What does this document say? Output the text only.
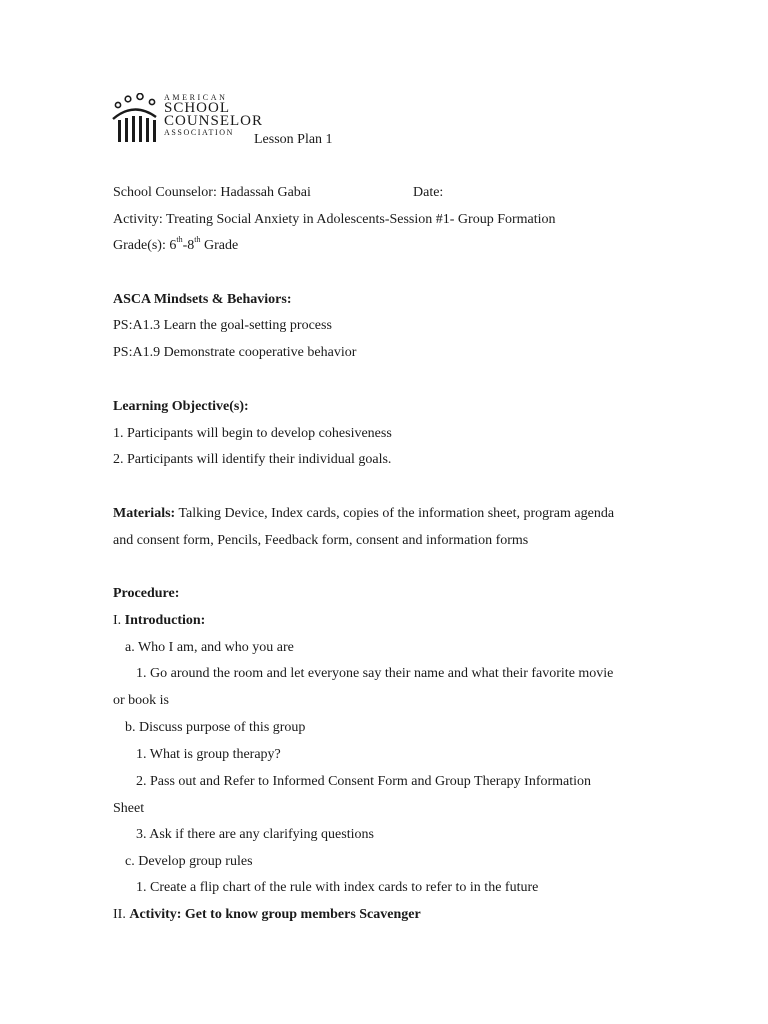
AMERICAN
SCHOOL
COUNSELOR
ASSOCIATION	Lesson Plan 1
School Counselor: Hadassah Gabai	Date:
Activity: Treating Social Anxiety in Adolescents-Session #1- Group Formation
Grade(s): 6th-8th Grade
ASCA Mindsets & Behaviors:
PS:A1.3 Learn the goal-setting process
PS:A1.9 Demonstrate cooperative behavior
Learning Objective(s):
1. Participants will begin to develop cohesiveness
2. Participants will identify their individual goals.
Materials: Talking Device, Index cards, copies of the information sheet, program agenda
and consent form, Pencils, Feedback form, consent and information forms
Procedure:
I. Introduction:
a. Who I am, and who you are
1. Go around the room and let everyone say their name and what their favorite movie
or book is
b. Discuss purpose of this group
1. What is group therapy?
2. Pass out and Refer to Informed Consent Form and Group Therapy Information
Sheet
3. Ask if there are any clarifying questions
c. Develop group rules
1. Create a flip chart of the rule with index cards to refer to in the future
II. Activity: Get to know group members Scavenger
